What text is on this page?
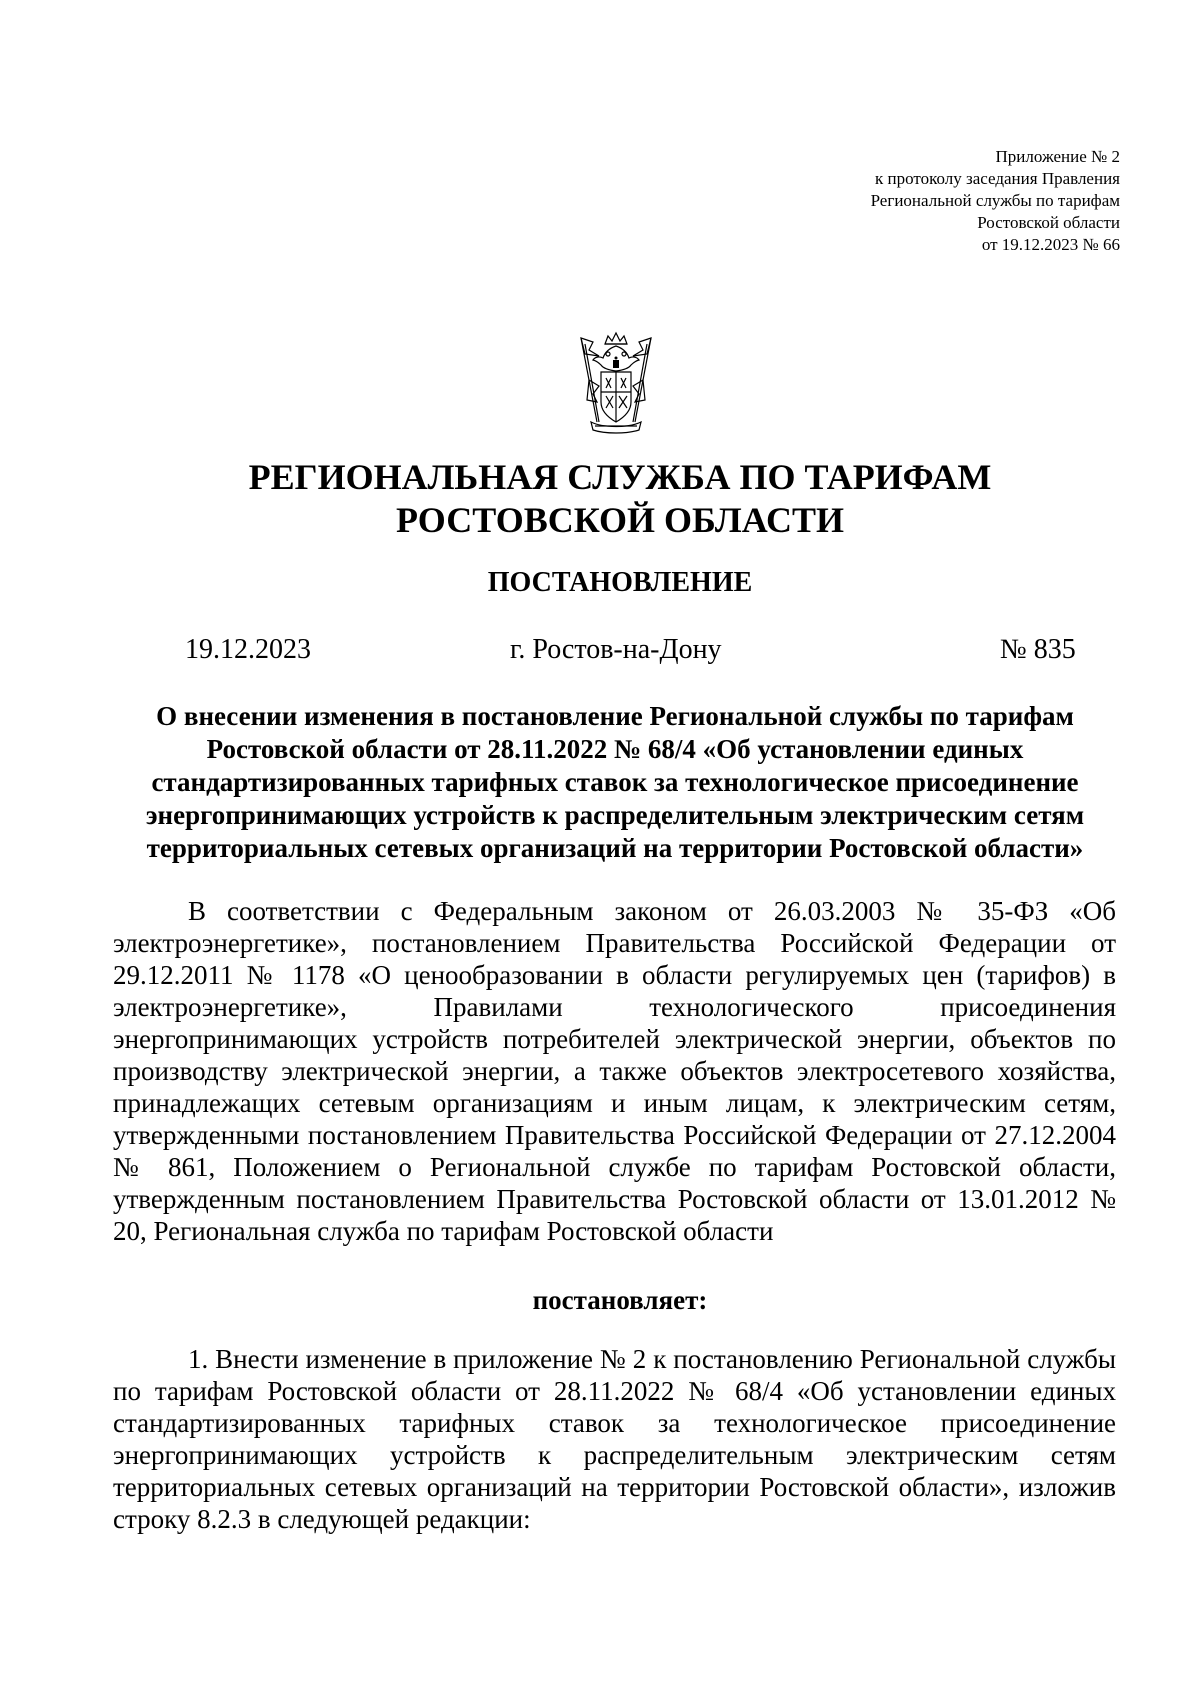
Приложение № 2
к протоколу заседания Правления
Региональной службы по тарифам
Ростовской области
от 19.12.2023 № 66
РЕГИОНАЛЬНАЯ СЛУЖБА ПО ТАРИФАМ
РОСТОВСКОЙ ОБЛАСТИ
ПОСТАНОВЛЕНИЕ
19.12.2023	г. Ростов-на-Дону	№ 835
О внесении изменения в постановление Региональной службы по тарифам Ростовской области от 28.11.2022 № 68/4 «Об установлении единых стандартизированных тарифных ставок за технологическое присоединение энергопринимающих устройств к распределительным электрическим сетям территориальных сетевых организаций на территории Ростовской области»

В соответствии с Федеральным законом от 26.03.2003 № 35-ФЗ «Об электроэнергетике», постановлением Правительства Российской Федерации от 29.12.2011 № 1178 «О ценообразовании в области регулируемых цен (тарифов) в электроэнергетике», Правилами технологического присоединения энергопринимающих устройств потребителей электрической энергии, объектов по производству электрической энергии, а также объектов электросетевого хозяйства, принадлежащих сетевым организациям и иным лицам, к электрическим сетям, утвержденными постановлением Правительства Российской Федерации от 27.12.2004 № 861, Положением о Региональной службе по тарифам Ростовской области, утвержденным постановлением Правительства Ростовской области от 13.01.2012 № 20, Региональная служба по тарифам Ростовской области

постановляет:

1. Внести изменение в приложение № 2 к постановлению Региональной службы по тарифам Ростовской области от 28.11.2022 № 68/4 «Об установлении единых стандартизированных тарифных ставок за технологическое присоединение энергопринимающих устройств к распределительным электрическим сетям территориальных сетевых организаций на территории Ростовской области», изложив строку 8.2.3 в следующей редакции:
